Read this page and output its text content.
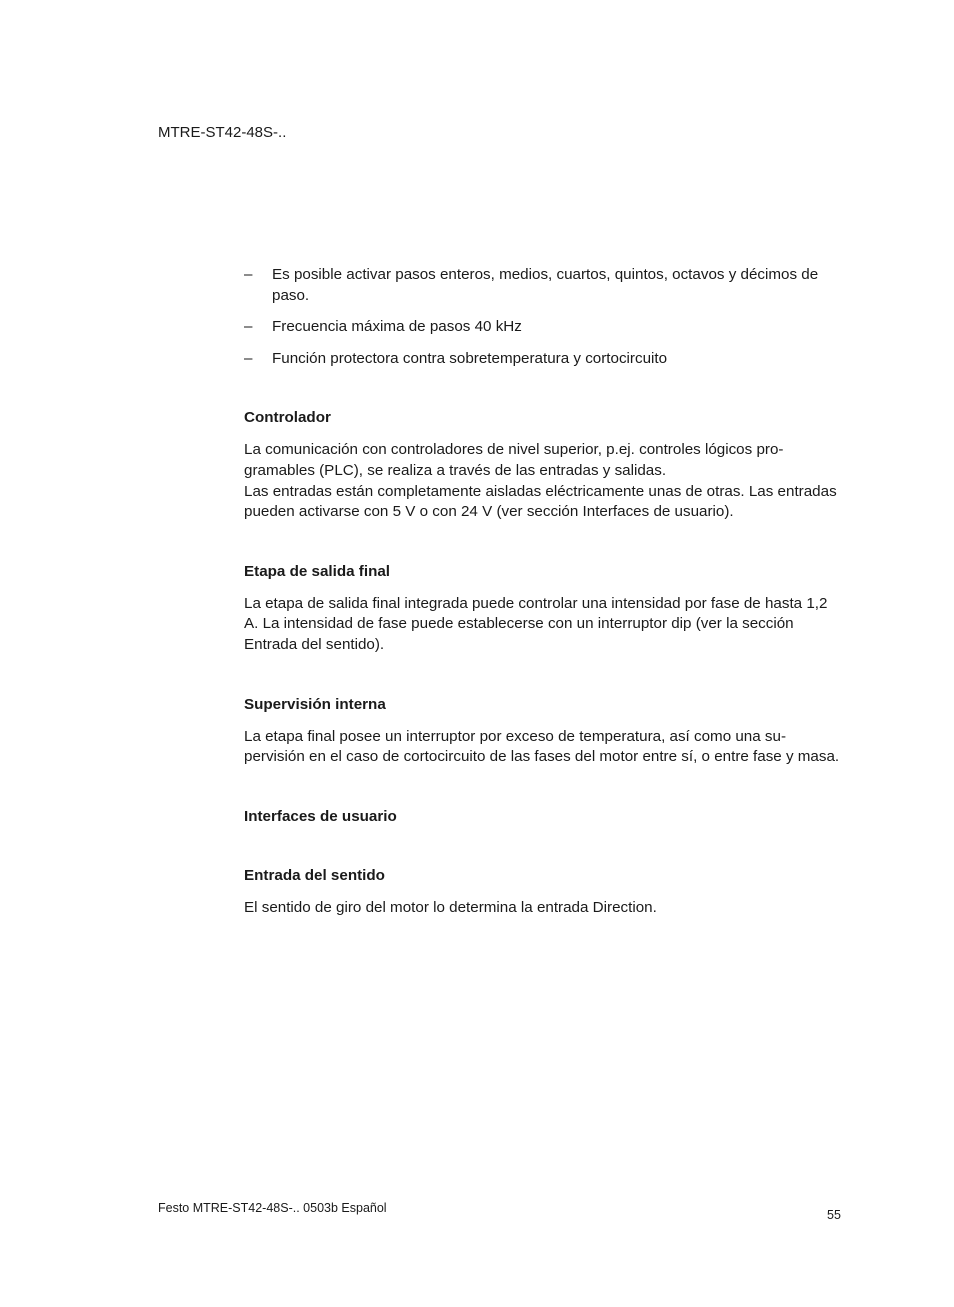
MTRE-ST42-48S-..
– Es posible activar pasos enteros, medios, cuartos, quintos, octavos y décimos de paso.
– Frecuencia máxima de pasos 40 kHz
– Función protectora contra sobretemperatura y cortocircuito
Controlador

La comunicación con controladores de nivel superior, p.ej. controles lógicos pro- gramables (PLC), se realiza a través de las entradas y salidas.

Las entradas están completamente aisladas eléctricamente unas de otras. Las entradas pueden activarse con 5 V o con 24 V (ver sección Interfaces de usuario).

Etapa de salida final

La etapa de salida final integrada puede controlar una intensidad por fase de hasta 1,2 A. La intensidad de fase puede establecerse con un interruptor dip (ver la sección Entrada del sentido).

Supervisión interna

La etapa final posee un interruptor por exceso de temperatura, así como una su- pervisión en el caso de cortocircuito de las fases del motor entre sí, o entre fase y masa.

Interfaces de usuario
Entrada del sentido

El sentido de giro del motor lo determina la entrada Direction.

Festo MTRE-ST42-48S-.. 0503b Español	55
